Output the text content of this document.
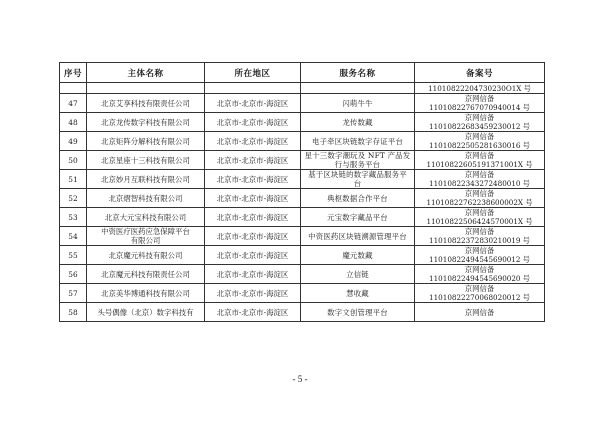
序号	主体名称	所在地区	服务名称	备案号
				11010822204730230O1X 号
47	北京艾享科技有限责任公司	北京市-北京市-海淀区	闪萌牛牛	京网信备
11010822767070940014 号

48	北京龙传数字科技有限公司	北京市-北京市-海淀区	龙传数藏	京网信备
11010822683459230012 号

49	北京矩阵分解科技有限公司	北京市-北京市-海淀区	电子牵区块链数字存证平台	京网信备
11010822505281630016 号

50	北京星座十三科技有限公司	北京市-北京市-海淀区	星十三数字潮玩及 NFT 产品发
行与服务平台	京网信备
11010822605191371001X 号

51	北京妙月互联科技有限公司	北京市-北京市-海淀区	基于区块链的数字藏品服务平
台	京网信备
11010822343272480010 号

52	北京熠智科技有限公司	北京市-北京市-海淀区	典枢数据合作平台	京网信备
11010822762238600002X 号

53	北京大元宝科技有限公司	北京市-北京市-海淀区	元宝数字藏品平台	京网信备
11010822506424570001X 号

54	中资医疗医药应急保障平台
有限公司	北京市-北京市-海淀区	中资医药区块链溯源管理平台	京网信备
11010822372830210019 号

55	北京魔元科技有限公司	北京市-北京市-海淀区	魔元数藏	京网信备
11010822494545690012 号

56	北京魔元科技有限责任公司	北京市-北京市-海淀区	立信链	京网信备
11010822494545690020 号

57	北京美华博通科技有限公司	北京市-北京市-海淀区	慧收藏	京网信备
11010822270068020012 号

58	头号偶像（北京）数字科技有	北京市-北京市-海淀区	数字文创管理平台	京网信备
- 5 -
